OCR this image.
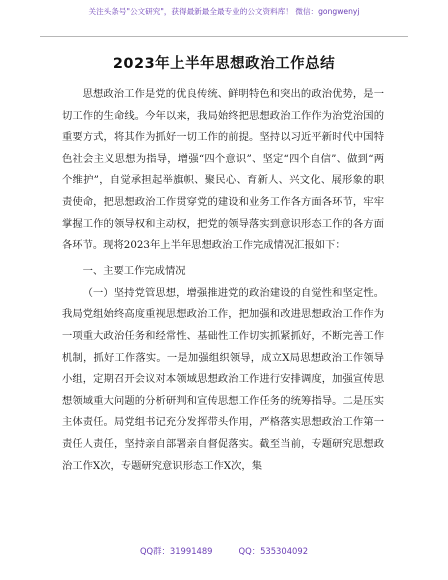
关注头条号"公文研究"，获得最新最全最专业的公文资料库！ 微信：gongwenyj
2023年上半年思想政治工作总结

思想政治工作是党的优良传统、鲜明特色和突出的政治优势，是一切工作的生命线。今年以来，我局始终把思想政治工作作为治党治国的重要方式，将其作为抓好一切工作的前提。坚持以习近平新时代中国特色社会主义思想为指导，增强“四个意识”、坚定“四个自信”、做到“两个维护”，自觉承担起举旗帜、聚民心、育新人、兴文化、展形象的职责使命，把思想政治工作贯穿党的建设和业务工作各方面各环节，牢牢掌握工作的领导权和主动权，把党的领导落实到意识形态工作的各方面各环节。现将2023年上半年思想政治工作完成情况汇报如下：

一、主要工作完成情况

（一）坚持党管思想，增强推进党的政治建设的自觉性和坚定性。我局党组始终高度重视思想政治工作，把加强和改进思想政治工作作为一项重大政治任务和经常性、基础性工作切实抓紧抓好，不断完善工作机制，抓好工作落实。一是加强组织领导，成立X局思想政治工作领导小组，定期召开会议对本领域思想政治工作进行安排调度，加强宣传思想领域重大问题的分析研判和宣传思想工作任务的统筹指导。二是压实主体责任。局党组书记充分发挥带头作用，严格落实思想政治工作第一责任人责任，坚持亲自部署亲自督促落实。截至当前，专题研究思想政治工作X次，专题研究意识形态工作X次，集

QQ群：31991489	QQ：535304092
